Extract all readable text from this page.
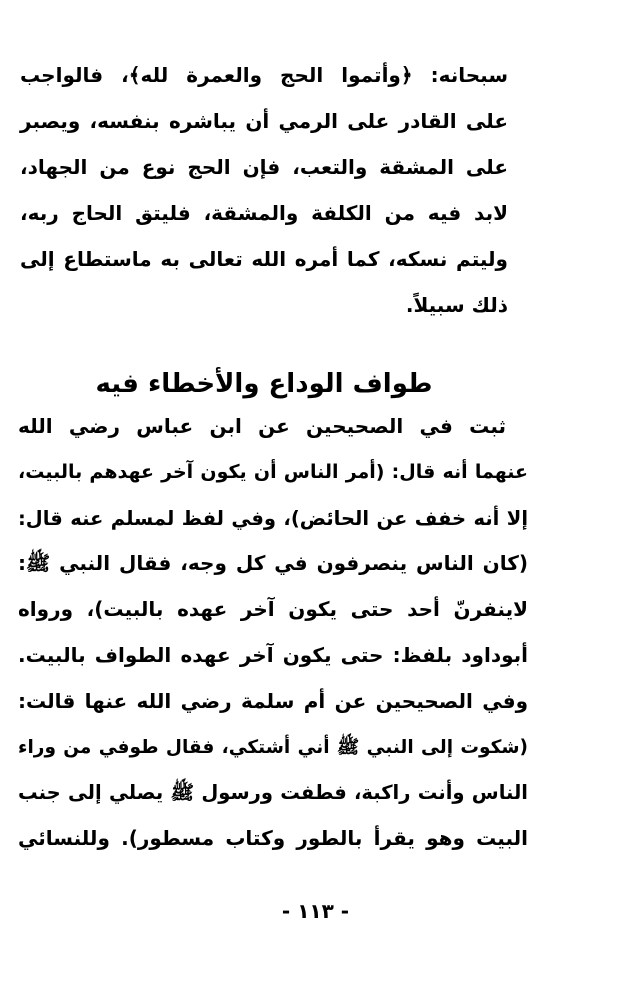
سبحانه: ﴿وأتموا الحج والعمرة لله﴾، فالواجب
على القادر على الرمي أن يباشره بنفسه، ويصبر
على المشقة والتعب، فإن الحج نوع من الجهاد،
لابد فيه من الكلفة والمشقة، فليتق الحاج ربه،
وليتم نسكه، كما أمره الله تعالى به ماستطاع إلى
ذلك سبيلاً.
طواف الوداع والأخطاء فيه
ثبت في الصحيحين عن ابن عباس رضي الله
عنهما أنه قال: (أمر الناس أن يكون آخر عهدهم بالبيت،
إلا أنه خفف عن الحائض)، وفي لفظ لمسلم عنه قال:
(كان الناس ينصرفون في كل وجه، فقال النبي ﷺ:
لاينفرنّ أحد حتى يكون آخر عهده بالبيت)، ورواه
أبوداود بلفظ: حتى يكون آخر عهده الطواف بالبيت.
وفي الصحيحين عن أم سلمة رضي الله عنها قالت:
(شكوت إلى النبي ﷺ أني أشتكي، فقال طوفي من وراء
الناس وأنت راكبة، فطفت ورسول ﷺ يصلي إلى جنب
البيت وهو يقرأ بالطور وكتاب مسطور). وللنسائي
- ١١٣ -
